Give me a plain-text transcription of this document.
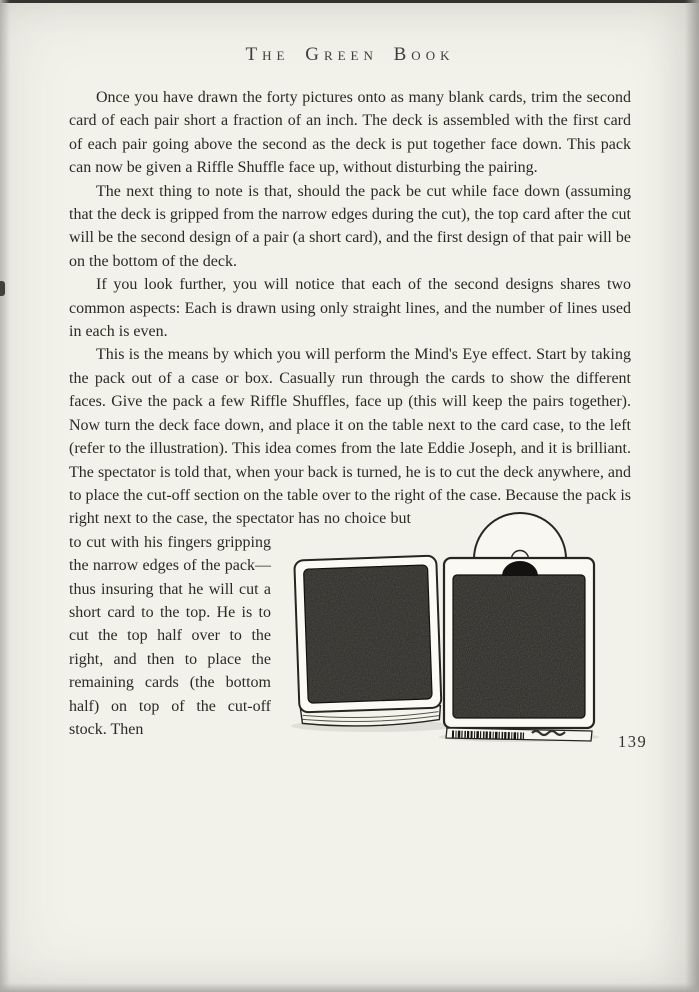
The Green Book
139

Once you have drawn the forty pictures onto as many blank cards, trim the second card of each pair short a fraction of an inch. The deck is assembled with the first card of each pair going above the second as the deck is put together face down. This pack can now be given a Riffle Shuffle face up, without disturbing the pairing.

The next thing to note is that, should the pack be cut while face down (assuming that the deck is gripped from the narrow edges during the cut), the top card after the cut will be the second design of a pair (a short card), and the first design of that pair will be on the bottom of the deck.

If you look further, you will notice that each of the second designs shares two common aspects: Each is drawn using only straight lines, and the number of lines used in each is even.

This is the means by which you will perform the Mind's Eye effect. Start by taking the pack out of a case or box. Casually run through the cards to show the different faces. Give the pack a few Riffle Shuffles, face up (this will keep the pairs together). Now turn the deck face down, and place it on the table next to the card case, to the left (refer to the illustration). This idea comes from the late Eddie Joseph, and it is brilliant. The spectator is told that, when your back is turned, he is to cut the deck anywhere, and to place the cut-off section on the table over to the right of the case. Because the pack is
right next to the case, the spectator has no choice but to cut with his fingers gripping the narrow edges of the pack—thus insuring that he will cut a short card to the top. He is to cut the top half over to the right, and then to place the remaining cards (the bottom half) on top of the cut-off stock. Then
